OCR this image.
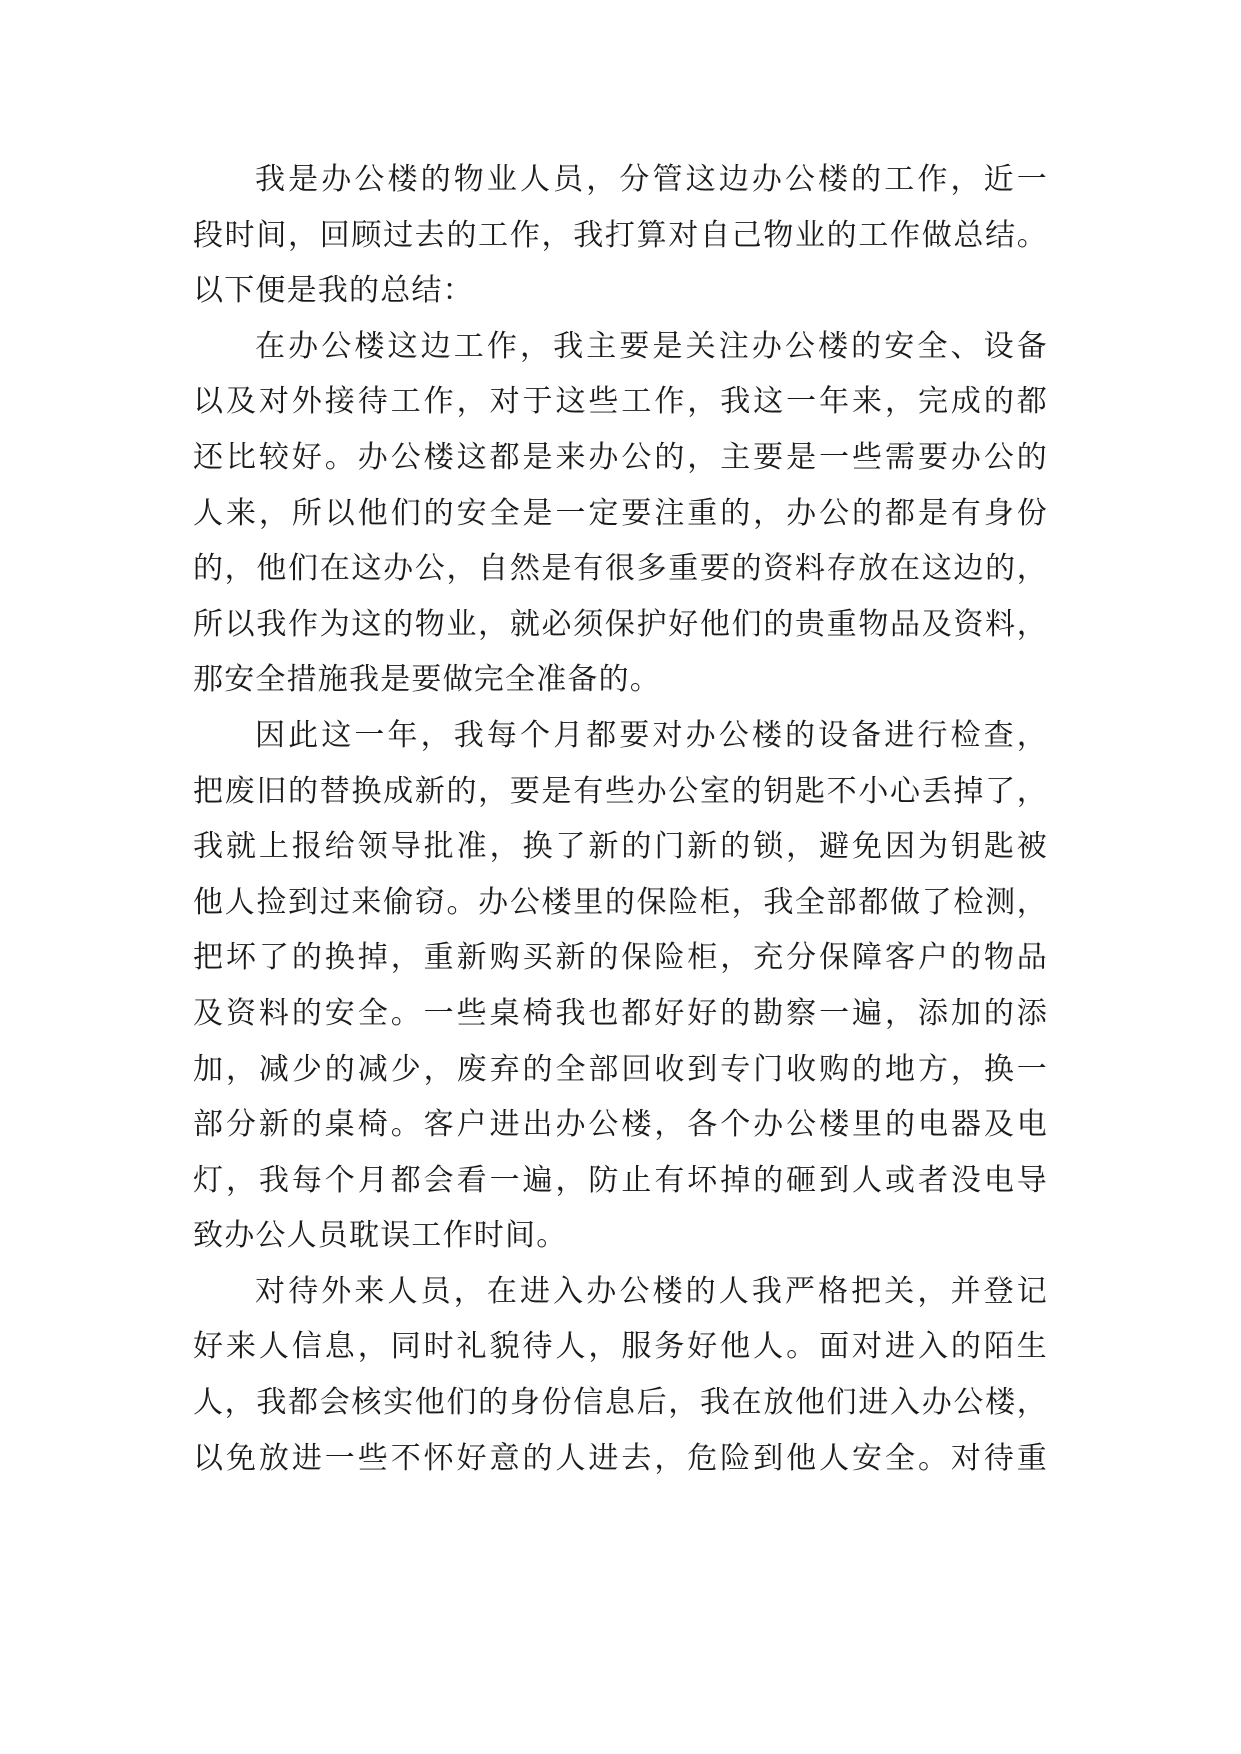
我是办公楼的物业人员，分管这边办公楼的工作，近一
段时间，回顾过去的工作，我打算对自己物业的工作做总结。
以下便是我的总结：
在办公楼这边工作，我主要是关注办公楼的安全、设备
以及对外接待工作，对于这些工作，我这一年来，完成的都
还比较好。办公楼这都是来办公的，主要是一些需要办公的
人来，所以他们的安全是一定要注重的，办公的都是有身份
的，他们在这办公，自然是有很多重要的资料存放在这边的，
所以我作为这的物业，就必须保护好他们的贵重物品及资料，
那安全措施我是要做完全准备的。
因此这一年，我每个月都要对办公楼的设备进行检查，
把废旧的替换成新的，要是有些办公室的钥匙不小心丢掉了，
我就上报给领导批准，换了新的门新的锁，避免因为钥匙被
他人捡到过来偷窃。办公楼里的保险柜，我全部都做了检测，
把坏了的换掉，重新购买新的保险柜，充分保障客户的物品
及资料的安全。一些桌椅我也都好好的勘察一遍，添加的添
加，减少的减少，废弃的全部回收到专门收购的地方，换一
部分新的桌椅。客户进出办公楼，各个办公楼里的电器及电
灯，我每个月都会看一遍，防止有坏掉的砸到人或者没电导
致办公人员耽误工作时间。
对待外来人员，在进入办公楼的人我严格把关，并登记
好来人信息，同时礼貌待人，服务好他人。面对进入的陌生
人，我都会核实他们的身份信息后，我在放他们进入办公楼，
以免放进一些不怀好意的人进去，危险到他人安全。对待重
